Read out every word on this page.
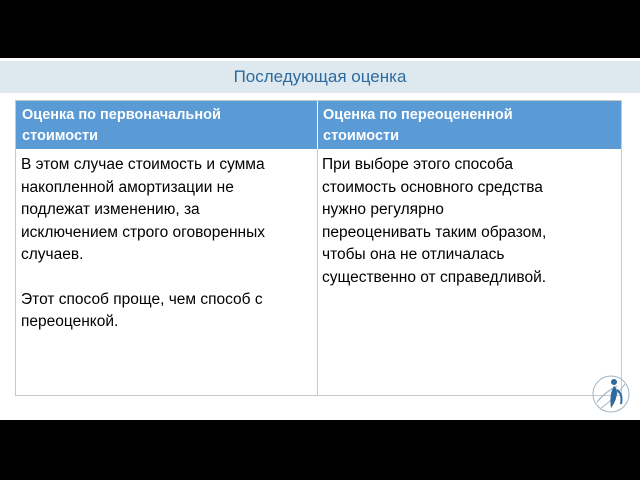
Последующая оценка
Оценка по первоначальной
стоимости
Оценка по переоцененной
стоимости

В этом случае стоимость и сумма
накопленной амортизации не
подлежат изменению, за
исключением строго оговоренных
случаев.

Этот способ проще, чем способ с
переоценкой.

При выборе этого способа
стоимость основного средства
нужно регулярно
переоценивать таким образом,
чтобы она не отличалась
существенно от справедливой.
